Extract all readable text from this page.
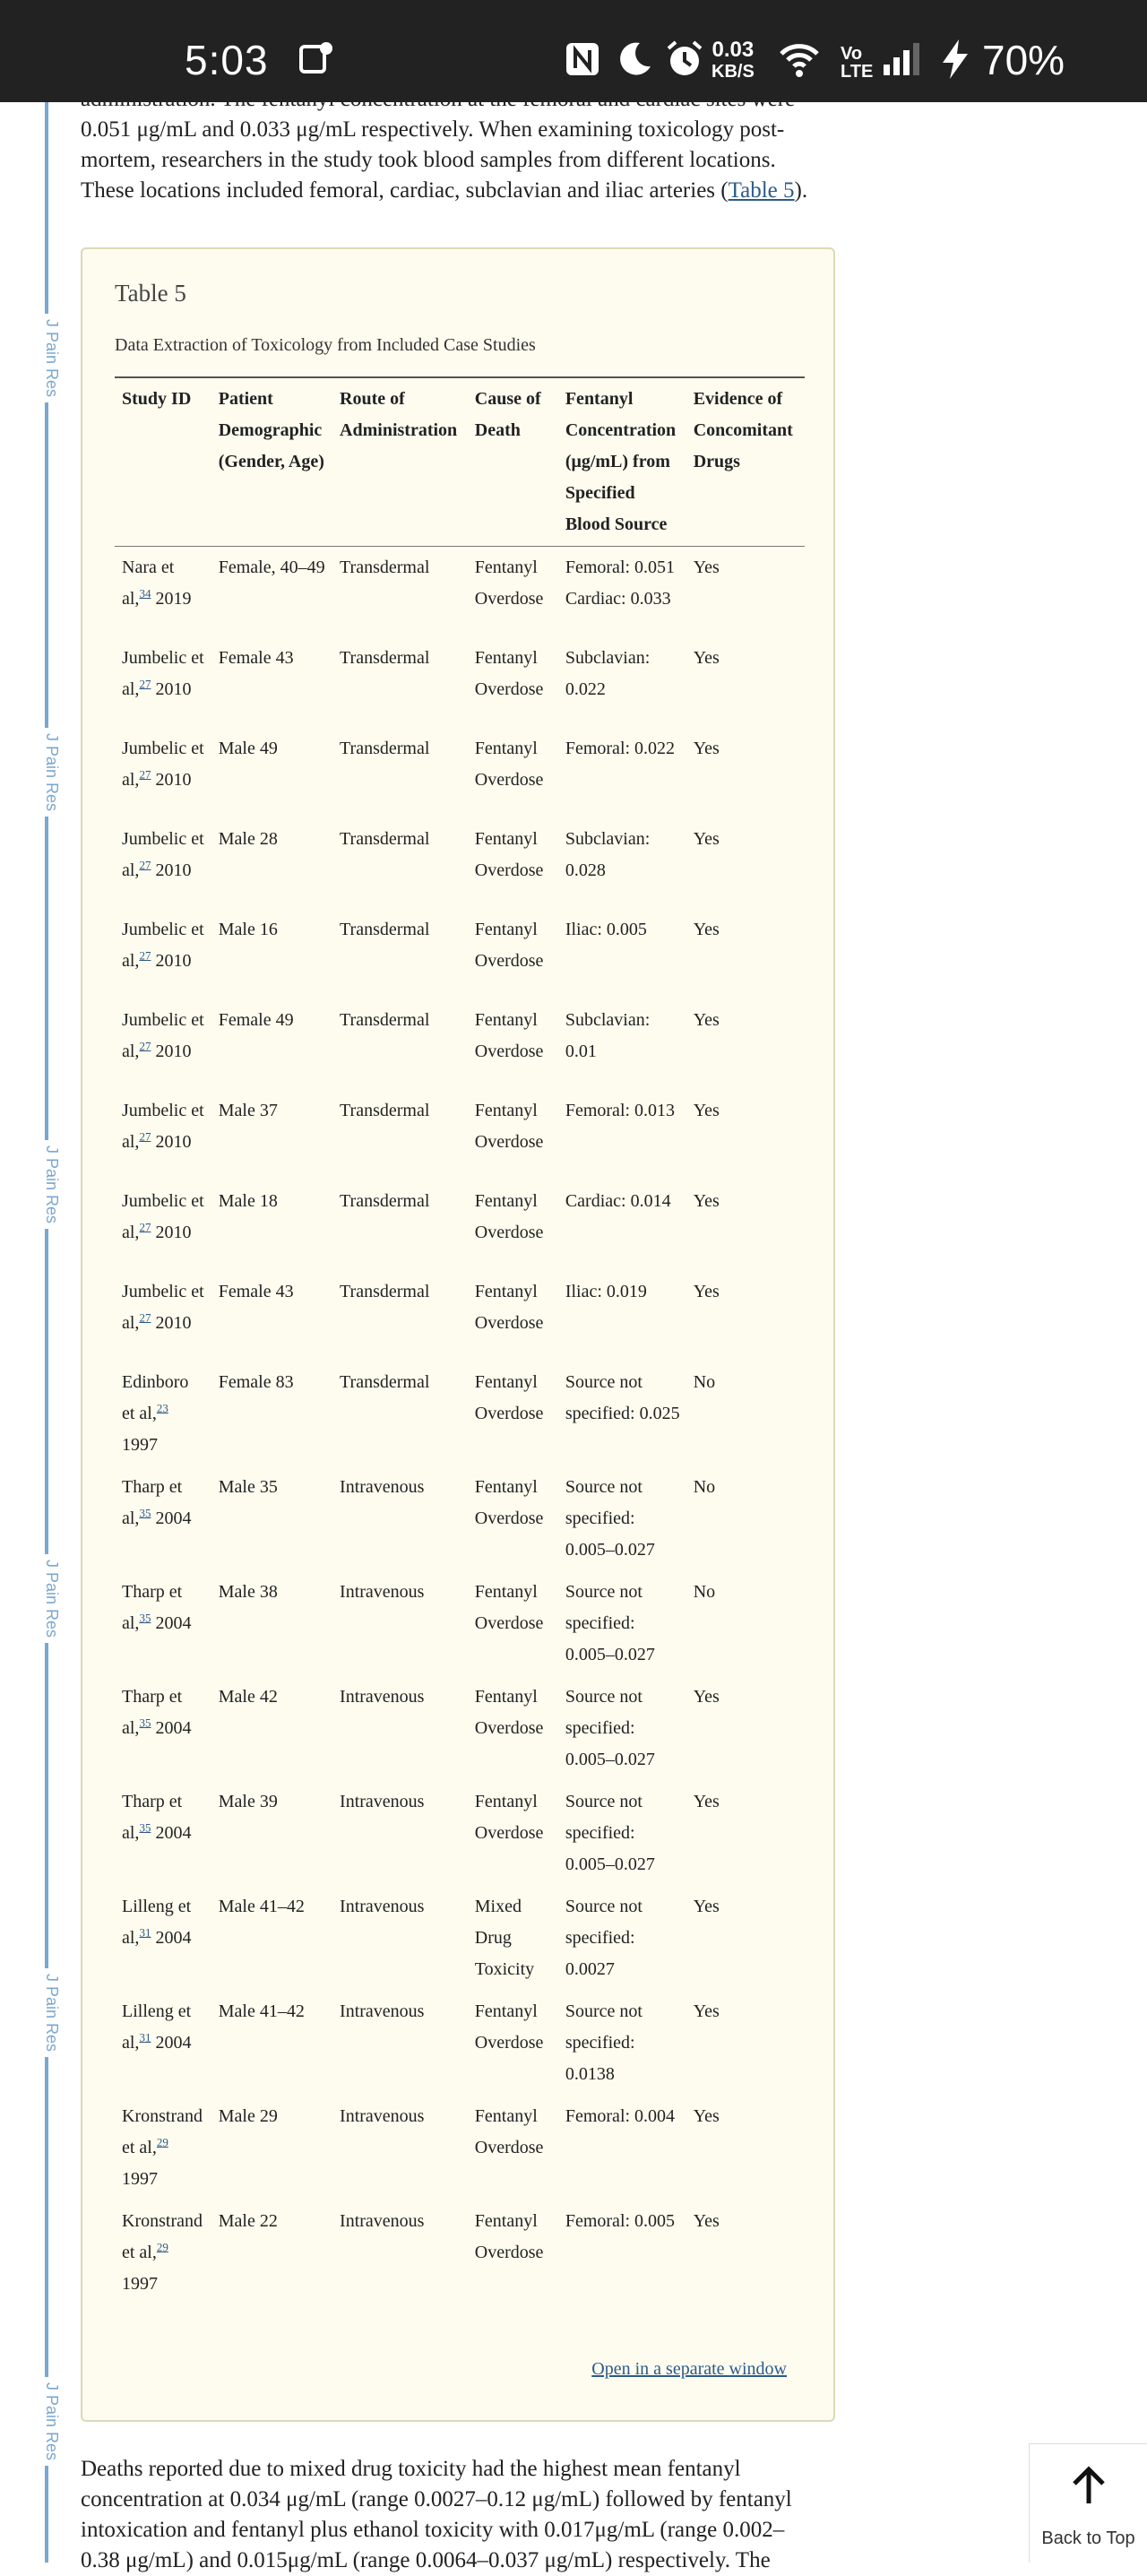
5:03	0.03
KB/S
Vo
LTE	70%
J Pain Res
J Pain Res
J Pain Res
J Pain Res
J Pain Res
J Pain Res

0.051 μg/mL and 0.033 μg/mL respectively. When examining toxicology post-
mortem, researchers in the study took blood samples from different locations.
These locations included femoral, cardiac, subclavian and iliac arteries (Table 5).
Table 5
Data Extraction of Toxicology from Included Case Studies
Study ID	Patient Demographic (Gender, Age)	Route of Administration	Cause of Death	Fentanyl Concentration (μg/mL) from Specified Blood Source	Evidence of Concomitant Drugs
Nara et al,$^{34}$ 2019	Female, 40–49	Transdermal	Fentanyl Overdose	Femoral: 0.051 Cardiac: 0.033	Yes
Jumbelic et al,$^{27}$ 2010	Female 43	Transdermal	Fentanyl Overdose	Subclavian: 0.022	Yes
Jumbelic et al,$^{27}$ 2010	Male 49	Transdermal	Fentanyl Overdose	Femoral: 0.022	Yes
Jumbelic et al,$^{27}$ 2010	Male 28	Transdermal	Fentanyl Overdose	Subclavian: 0.028	Yes
Jumbelic et al,$^{27}$ 2010	Male 16	Transdermal	Fentanyl Overdose	Iliac: 0.005	Yes
Jumbelic et al,$^{27}$ 2010	Female 49	Transdermal	Fentanyl Overdose	Subclavian: 0.01	Yes
Jumbelic et al,$^{27}$ 2010	Male 37	Transdermal	Fentanyl Overdose	Femoral: 0.013	Yes
Jumbelic et al,$^{27}$ 2010	Male 18	Transdermal	Fentanyl Overdose	Cardiac: 0.014	Yes
Jumbelic et al,$^{27}$ 2010	Female 43	Transdermal	Fentanyl Overdose	Iliac: 0.019	Yes
Edinboro et al,$^{23}$ 1997	Female 83	Transdermal	Fentanyl Overdose	Source not specified: 0.025	No
Tharp et al,$^{35}$ 2004	Male 35	Intravenous	Fentanyl Overdose	Source not specified: 0.005–0.027	No
Tharp et al,$^{35}$ 2004	Male 38	Intravenous	Fentanyl Overdose	Source not specified: 0.005–0.027	No
Tharp et al,$^{35}$ 2004	Male 42	Intravenous	Fentanyl Overdose	Source not specified: 0.005–0.027	Yes
Tharp et al,$^{35}$ 2004	Male 39	Intravenous	Fentanyl Overdose	Source not specified: 0.005–0.027	Yes
Lilleng et al,$^{31}$ 2004	Male 41–42	Intravenous	Mixed Drug Toxicity	Source not specified: 0.0027	Yes
Lilleng et al,$^{31}$ 2004	Male 41–42	Intravenous	Fentanyl Overdose	Source not specified: 0.0138	Yes
Kronstrand et al,$^{29}$ 1997	Male 29	Intravenous	Fentanyl Overdose	Femoral: 0.004	Yes
Kronstrand et al,$^{29}$ 1997	Male 22	Intravenous	Fentanyl Overdose	Femoral: 0.005	Yes
Open in a separate window
Deaths reported due to mixed drug toxicity had the highest mean fentanyl
concentration at 0.034 μg/mL (range 0.0027–0.12 μg/mL) followed by fentanyl
intoxication and fentanyl plus ethanol toxicity with 0.017μg/mL (range 0.002–
0.38 μg/mL) and 0.015μg/mL (range 0.0064–0.037 μg/mL) respectively. The
Back to Top
